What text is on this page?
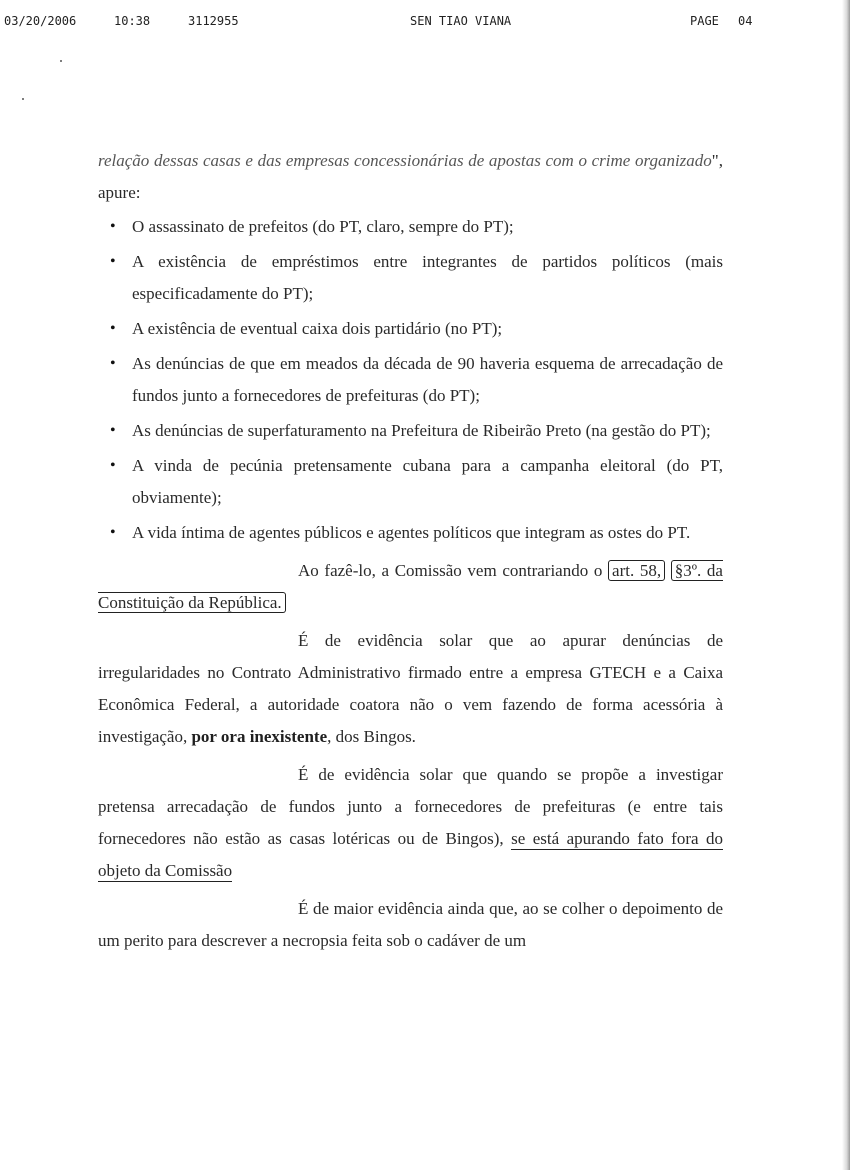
03/20/2006	10:38	3112955	SEN TIAO VIANA	PAGE 04

relação dessas casas e das empresas concessionárias de apostas com o crime organizado", apure:

• O assassinato de prefeitos (do PT, claro, sempre do PT);
• A existência de empréstimos entre integrantes de partidos políticos (mais especificadamente do PT);
• A existência de eventual caixa dois partidário (no PT);
• As denúncias de que em meados da década de 90 haveria esquema de arrecadação de fundos junto a fornecedores de prefeituras (do PT);
• As denúncias de superfaturamento na Prefeitura de Ribeirão Preto (na gestão do PT);
• A vinda de pecúnia pretensamente cubana para a campanha eleitoral (do PT, obviamente);
• A vida íntima de agentes públicos e agentes políticos que integram as ostes do PT.

Ao fazê-lo, a Comissão vem contrariando o art. 58, §3º. da Constituição da República.

É de evidência solar que ao apurar denúncias de irregularidades no Contrato Administrativo firmado entre a empresa GTECH e a Caixa Econômica Federal, a autoridade coatora não o vem fazendo de forma acessória à investigação, por ora inexistente, dos Bingos.

É de evidência solar que quando se propõe a investigar pretensa arrecadação de fundos junto a fornecedores de prefeituras (e entre tais fornecedores não estão as casas lotéricas ou de Bingos), se está apurando fato fora do objeto da Comissão

É de maior evidência ainda que, ao se colher o depoimento de um perito para descrever a necropsia feita sob o cadáver de um
